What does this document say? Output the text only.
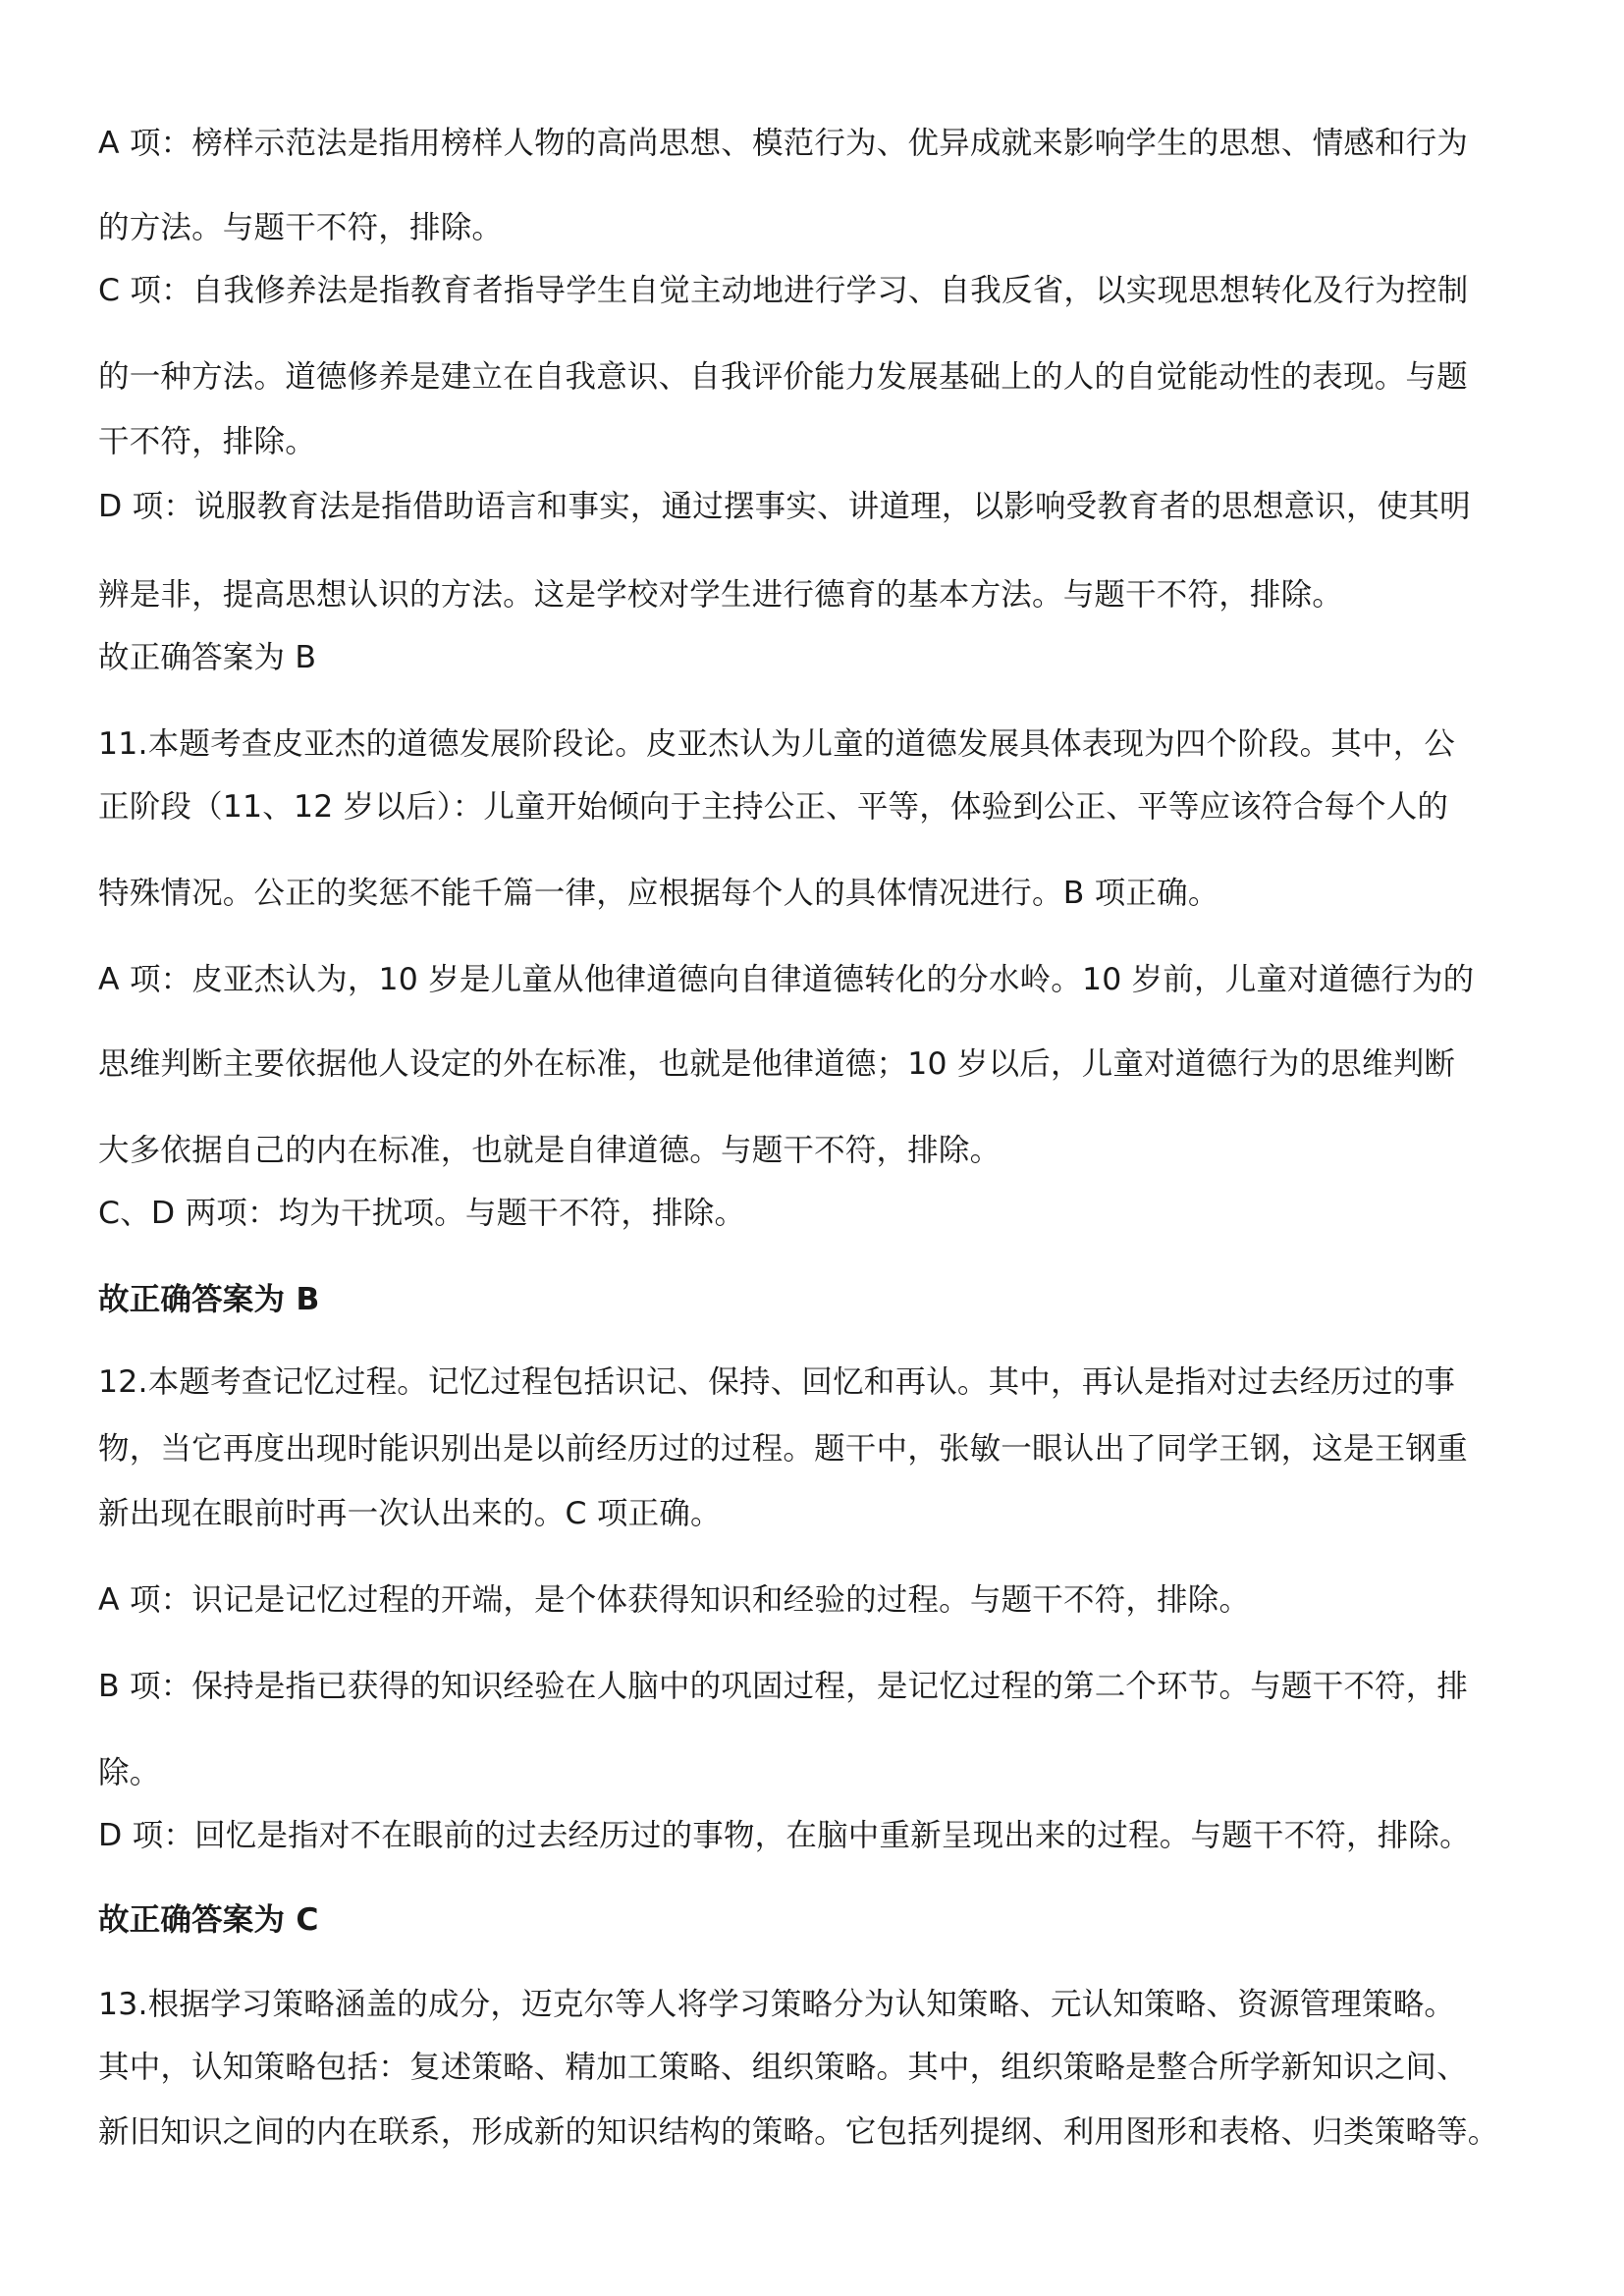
A 项：榜样示范法是指用榜样人物的高尚思想、模范行为、优异成就来影响学生的思想、情感和行为
的方法。与题干不符，排除。
C 项：自我修养法是指教育者指导学生自觉主动地进行学习、自我反省，以实现思想转化及行为控制
的一种方法。道德修养是建立在自我意识、自我评价能力发展基础上的人的自觉能动性的表现。与题
干不符，排除。
D 项：说服教育法是指借助语言和事实，通过摆事实、讲道理，以影响受教育者的思想意识，使其明
辨是非，提高思想认识的方法。这是学校对学生进行德育的基本方法。与题干不符，排除。
故正确答案为 B
11.本题考查皮亚杰的道德发展阶段论。皮亚杰认为儿童的道德发展具体表现为四个阶段。其中，公
正阶段（11、12 岁以后）：儿童开始倾向于主持公正、平等，体验到公正、平等应该符合每个人的
特殊情况。公正的奖惩不能千篇一律，应根据每个人的具体情况进行。B 项正确。
A 项：皮亚杰认为，10 岁是儿童从他律道德向自律道德转化的分水岭。10 岁前，儿童对道德行为的
思维判断主要依据他人设定的外在标准，也就是他律道德；10 岁以后，儿童对道德行为的思维判断
大多依据自己的内在标准，也就是自律道德。与题干不符，排除。
C、D 两项：均为干扰项。与题干不符，排除。
故正确答案为 B
12.本题考查记忆过程。记忆过程包括识记、保持、回忆和再认。其中，再认是指对过去经历过的事
物，当它再度出现时能识别出是以前经历过的过程。题干中，张敏一眼认出了同学王钢，这是王钢重
新出现在眼前时再一次认出来的。C 项正确。
A 项：识记是记忆过程的开端，是个体获得知识和经验的过程。与题干不符，排除。
B 项：保持是指已获得的知识经验在人脑中的巩固过程，是记忆过程的第二个环节。与题干不符，排
除。
D 项：回忆是指对不在眼前的过去经历过的事物，在脑中重新呈现出来的过程。与题干不符，排除。
故正确答案为 C
13.根据学习策略涵盖的成分，迈克尔等人将学习策略分为认知策略、元认知策略、资源管理策略。
其中，认知策略包括：复述策略、精加工策略、组织策略。其中，组织策略是整合所学新知识之间、
新旧知识之间的内在联系，形成新的知识结构的策略。它包括列提纲、利用图形和表格、归类策略等。
